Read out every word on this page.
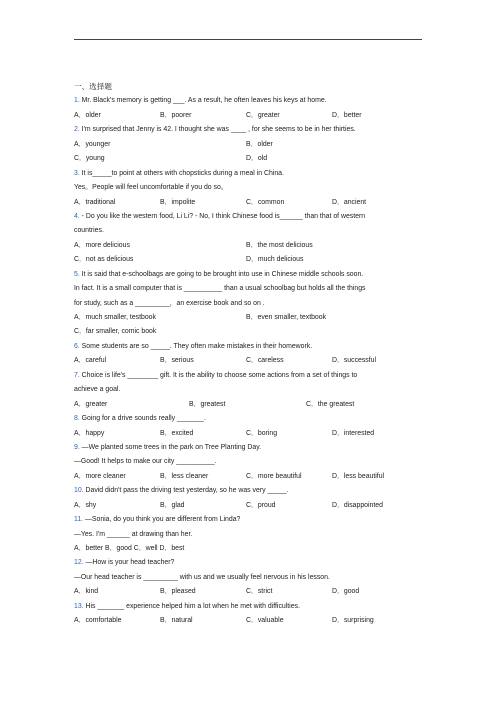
一、选择题
1. Mr. Black's memory is getting ___. As a result, he often leaves his keys at home.
A．older	B．poorer	C．greater	D．better
2. I'm surprised that Jenny is 42. I thought she was ____ , for she seems to be in her thirties.
A．younger	B．older
C．young	D．old
3. It is_____to point at others with chopsticks during a meal in China.
Yes。People will feel uncomfortable if you do so。
A．traditional	B．impolite	C．common	D．ancient
4. - Do you like the western food, Li Li? - No, I think Chinese food is______ than that of western
countries.
A．more delicious	B．the most delicious
C．not as delicious	D．much delicious
5. It is said that e-schoolbags are going to be brought into use in Chinese middle schools soon.
In fact. It is a small computer that is __________ than a usual schoolbag but holds all the things
for study, such as a _________，an exercise book and so on .
A．much smaller, testbook	B．even smaller, textbook
C．far smaller, comic book
6. Some students are so _____. They often make mistakes in their homework.
A．careful	B．serious	C．careless	D．successful
7. Choice is life's ________ gift. It is the ability to choose some actions from a set of things to
achieve a goal.
A．greater	B．greatest	C．the greatest
8. Going for a drive sounds really _______.
A．happy	B．excited	C．boring	D．interested
9. —We planted some trees in the park on Tree Planting Day.
—Good! It helps to make our city __________.
A．more cleaner	B．less cleaner	C．more beautiful	D．less beautiful
10. David didn't pass the driving test yesterday, so he was very _____.
A．shy	B．glad	C．proud	D．disappointed
11. —Sonia, do you think you are different from Linda?
—Yes. I'm ______ at drawing than her.
A．better B．good C．well D．best
12. —How is your head teacher?
—Our head teacher is _________ with us and we usually feel nervous in his lesson.
A．kind	B．pleased	C．strict	D．good
13. His _______ experience helped him a lot when he met with difficulties.
A．comfortable	B．natural	C．valuable	D．surprising
